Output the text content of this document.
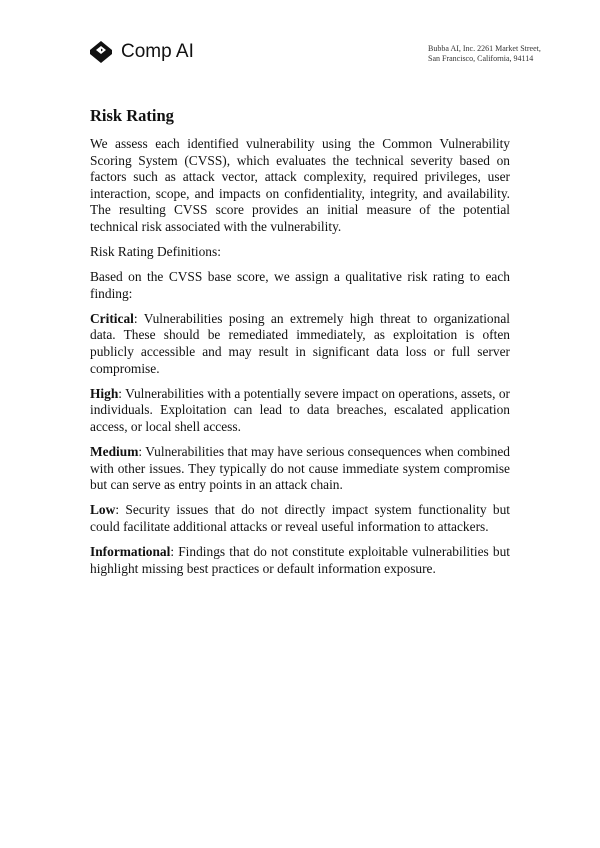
Comp AI	Bubba AI, Inc. 2261 Market Street,
San Francisco, California, 94114
Risk Rating

We assess each identified vulnerability using the Common Vulnerability Scoring System (CVSS), which evaluates the technical severity based on factors such as attack vector, attack complexity, required privileges, user interaction, scope, and impacts on confidentiality, integrity, and availability. The resulting CVSS score provides an initial measure of the potential technical risk associated with the vulnerability.

Risk Rating Definitions:

Based on the CVSS base score, we assign a qualitative risk rating to each finding:

Critical: Vulnerabilities posing an extremely high threat to organizational data. These should be remediated immediately, as exploitation is often publicly accessible and may result in significant data loss or full server compromise.

High: Vulnerabilities with a potentially severe impact on operations, assets, or individuals. Exploitation can lead to data breaches, escalated application access, or local shell access.

Medium: Vulnerabilities that may have serious consequences when combined with other issues. They typically do not cause immediate system compromise but can serve as entry points in an attack chain.

Low: Security issues that do not directly impact system functionality but could facilitate additional attacks or reveal useful information to attackers.

Informational: Findings that do not constitute exploitable vulnerabilities but highlight missing best practices or default information exposure.
